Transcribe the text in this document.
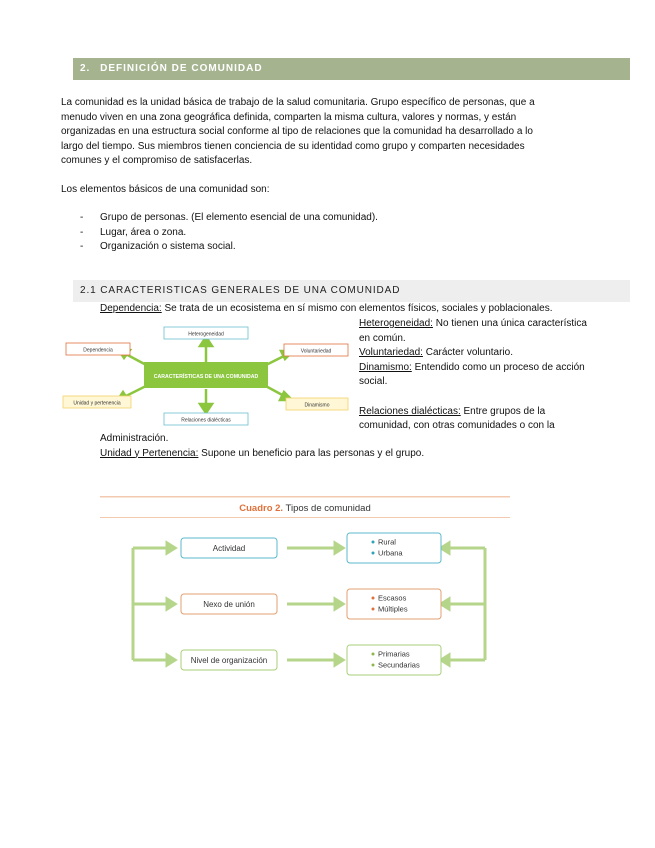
2. DEFINICIÓN DE COMUNIDAD
La comunidad es la unidad básica de trabajo de la salud comunitaria. Grupo específico de personas, que a
menudo viven en una zona geográfica definida, comparten la misma cultura, valores y normas, y están
organizadas en una estructura social conforme al tipo de relaciones que la comunidad ha desarrollado a lo
largo del tiempo. Sus miembros tienen conciencia de su identidad como grupo y comparten necesidades
comunes y el compromiso de satisfacerlas.
Los elementos básicos de una comunidad son:
- Grupo de personas. (El elemento esencial de una comunidad).
- Lugar, área o zona.
- Organización o sistema social.
2.1 CARACTERISTICAS GENERALES DE UNA COMUNIDAD
Dependencia: Se trata de un ecosistema en sí mismo con elementos físicos, sociales y poblacionales.
Heterogeneidad: No tienen una única característica
en común.
Voluntariedad: Carácter voluntario.
Dinamismo: Entendido como un proceso de acción
social.
Relaciones dialécticas: Entre grupos de la
comunidad, con otras comunidades o con la
Administración.
Unidad y Pertenencia: Supone un beneficio para las personas y el grupo.
CARACTERÍSTICAS DE UNA COMUNIDAD
Heterogeneidad
Dependencia	Voluntariedad
Unidad y pertenencia
Relaciones dialécticas
Dinamismo
Cuadro 2. Tipos de comunidad
Actividad
Rural
Urbana
Nexo de unión
Escasos
Múltiples
Nivel de organización
Primarias
Secundarias
